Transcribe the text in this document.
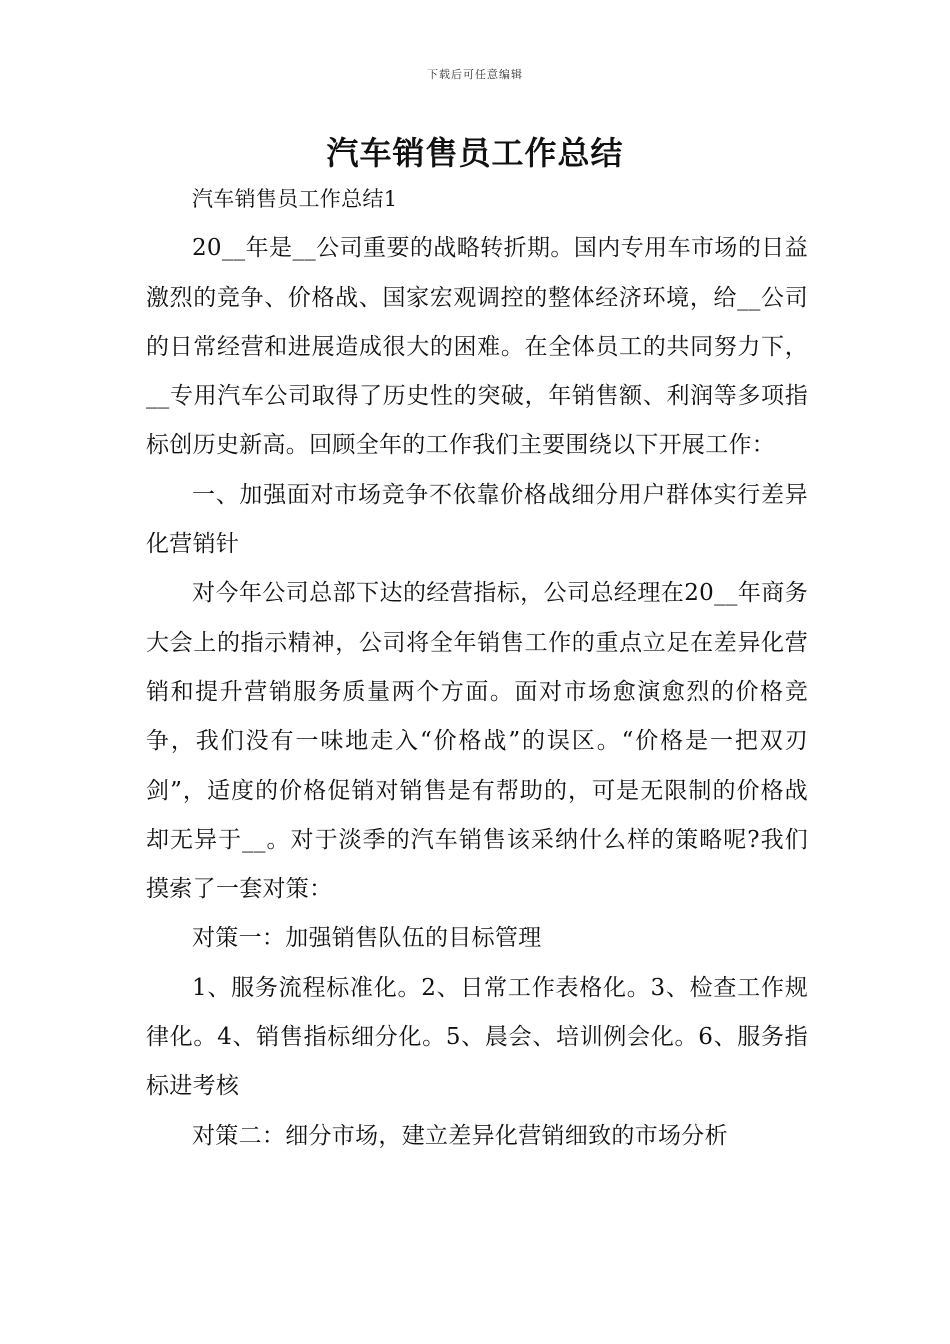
下载后可任意编辑
汽车销售员工作总结

汽车销售员工作总结1

20__年是__公司重要的战略转折期。国内专用车市场的日益激烈的竞争、价格战、国家宏观调控的整体经济环境，给__公司的日常经营和进展造成很大的困难。在全体员工的共同努力下，__专用汽车公司取得了历史性的突破，年销售额、利润等多项指标创历史新高。回顾全年的工作我们主要围绕以下开展工作：

一、加强面对市场竞争不依靠价格战细分用户群体实行差异化营销针

对今年公司总部下达的经营指标，公司总经理在20__年商务大会上的指示精神，公司将全年销售工作的重点立足在差异化营销和提升营销服务质量两个方面。面对市场愈演愈烈的价格竞争，我们没有一味地走入“价格战”的误区。“价格是一把双刃剑”，适度的价格促销对销售是有帮助的，可是无限制的价格战却无异于__。对于淡季的汽车销售该采纳什么样的策略呢?我们摸索了一套对策：

对策一：加强销售队伍的目标管理

1、服务流程标准化。2、日常工作表格化。3、检查工作规律化。4、销售指标细分化。5、晨会、培训例会化。6、服务指标进考核

对策二：细分市场，建立差异化营销细致的市场分析
